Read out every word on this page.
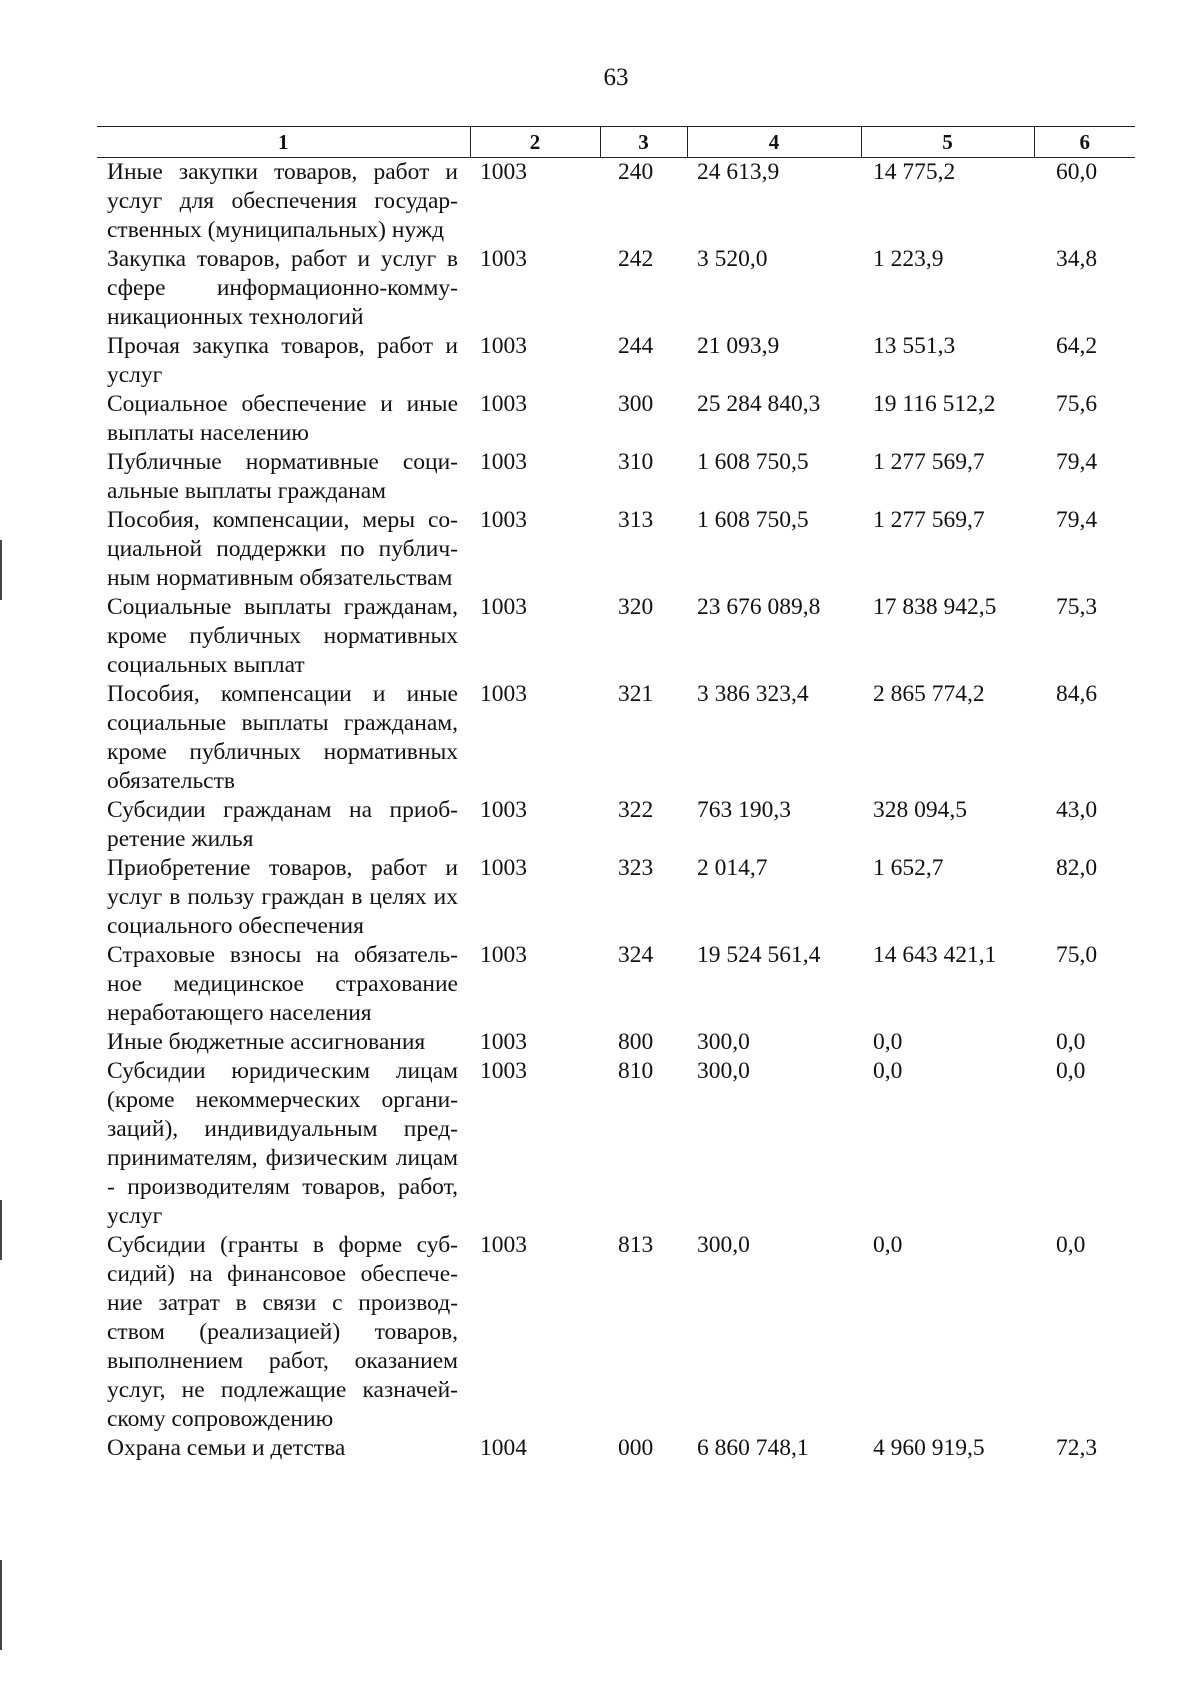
63
1	2	3	4	5	6
Иные закупки товаров, работ и услуг для обеспечения государственных (муниципальных) нужд	1003	240	24 613,9	14 775,2	60,0
Закупка товаров, работ и услуг в сфере информационно-коммуникационных технологий	1003	242	3 520,0	1 223,9	34,8
Прочая закупка товаров, работ и услуг	1003	244	21 093,9	13 551,3	64,2
Социальное обеспечение и иные выплаты населению	1003	300	25 284 840,3	19 116 512,2	75,6
Публичные нормативные социальные выплаты гражданам	1003	310	1 608 750,5	1 277 569,7	79,4
Пособия, компенсации, меры социальной поддержки по публичным нормативным обязательствам	1003	313	1 608 750,5	1 277 569,7	79,4
Социальные выплаты гражданам, кроме публичных нормативных социальных выплат	1003	320	23 676 089,8	17 838 942,5	75,3
Пособия, компенсации и иные социальные выплаты гражданам, кроме публичных нормативных обязательств	1003	321	3 386 323,4	2 865 774,2	84,6
Субсидии гражданам на приобретение жилья	1003	322	763 190,3	328 094,5	43,0
Приобретение товаров, работ и услуг в пользу граждан в целях их социального обеспечения	1003	323	2 014,7	1 652,7	82,0
Страховые взносы на обязательное медицинское страхование неработающего населения	1003	324	19 524 561,4	14 643 421,1	75,0
Иные бюджетные ассигнования	1003	800	300,0	0,0	0,0
Субсидии юридическим лицам (кроме некоммерческих организаций), индивидуальным предпринимателям, физическим лицам - производителям товаров, работ, услуг	1003	810	300,0	0,0	0,0
Субсидии (гранты в форме субсидий) на финансовое обеспечение затрат в связи с производством (реализацией) товаров, выполнением работ, оказанием услуг, не подлежащие казначейскому сопровождению	1003	813	300,0	0,0	0,0
Охрана семьи и детства	1004	000	6 860 748,1	4 960 919,5	72,3
